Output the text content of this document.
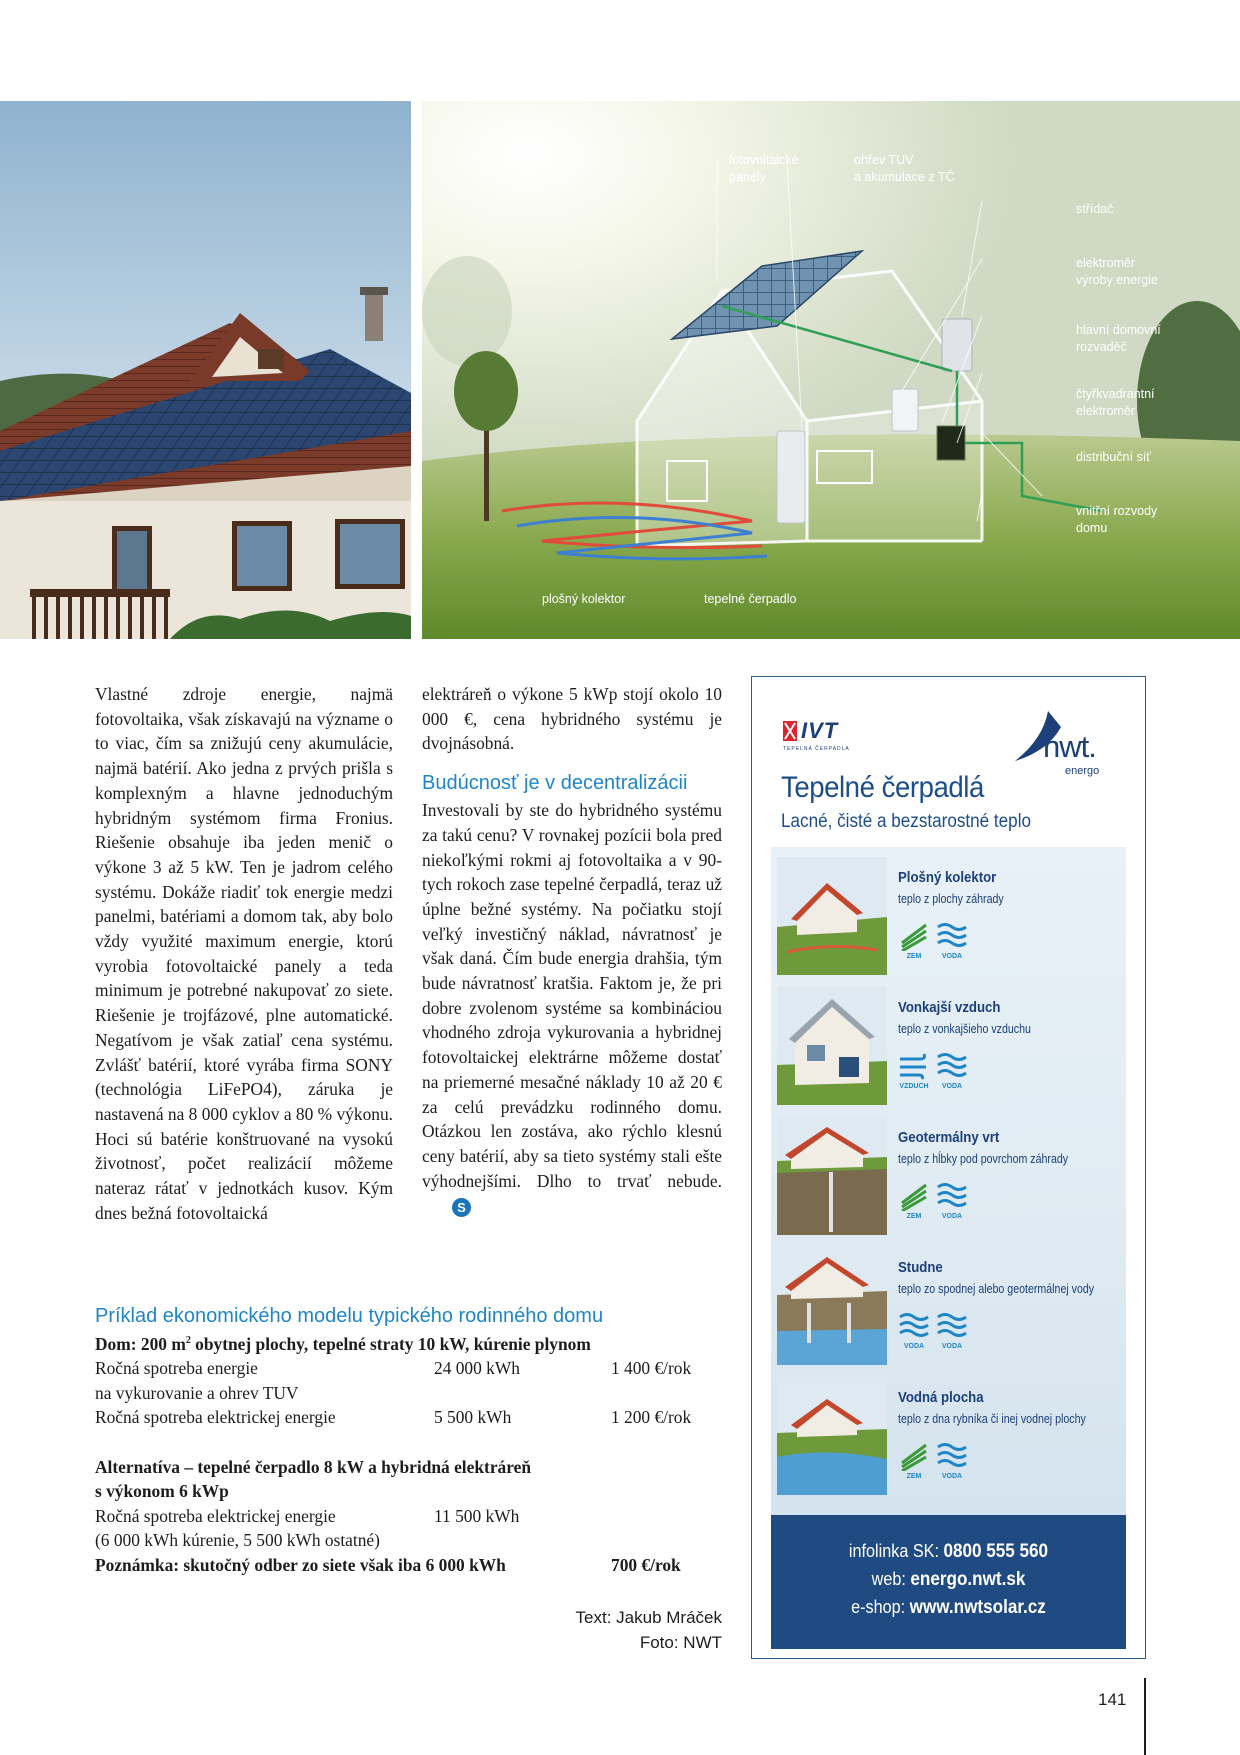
fotovoltaické
panely
ohřev TUV
a akumulace z TČ
střídač
elektroměr
výroby energie
hlavní domovní
rozvaděč
čtyřkvadrantní
elektroměr
distribuční síť
vnitřní rozvody
domu
plošný kolektor	tepelné čerpadlo

Vlastné zdroje energie, najmä fotovoltaika, však získavajú na význame o to viac, čím sa znižujú ceny akumulácie, najmä batérií. Ako jedna z prvých prišla s komplexným a hlavne jednoduchým hybridným systémom firma Fronius. Riešenie obsahuje iba jeden menič o výkone 3 až 5 kW. Ten je jadrom celého systému. Dokáže riadiť tok energie medzi panelmi, batériami a domom tak, aby bolo vždy využité maximum energie, ktorú vyrobia fotovoltaické panely a teda minimum je potrebné nakupovať zo siete. Riešenie je trojfázové, plne automatické. Negatívom je však zatiaľ cena systému. Zvlášť batérií, ktoré vyrába firma SONY (technológia LiFePO4), záruka je nastavená na 8 000 cyklov a 80 % výkonu. Hoci sú batérie konštruované na vysokú životnosť, počet realizácií môžeme nateraz rátať v jednotkách kusov. Kým dnes bežná fotovoltaická

elektráreň o výkone 5 kWp stojí okolo 10 000 €, cena hybridného systému je dvojnásobná.

Budúcnosť je v decentralizácii

Investovali by ste do hybridného systému za takú cenu? V rovnakej pozícii bola pred niekoľkými rokmi aj fotovoltaika a v 90-tych rokoch zase tepelné čerpadlá, teraz už úplne bežné systémy. Na počiatku stojí veľký investičný náklad, návratnosť je však daná. Čím bude energia drahšia, tým bude návratnosť kratšia. Faktom je, že pri dobre zvolenom systéme sa kombináciou vhodného zdroja vykurovania a hybridnej fotovoltaickej elektrárne môžeme dostať na priemerné mesačné náklady 10 až 20 € za celú prevádzku rodinného domu. Otázkou len zostáva, ako rýchlo klesnú ceny batérií, aby sa tieto systémy stali ešte výhodnejšími. Dlho to trvať nebude.S

Príklad ekonomického modelu typického rodinného domu
Dom: 200 $m^2$ obytnej plochy, tepelné straty 10 kW, kúrenie plynom
Ročná spotreba energie	24 000 kWh	1 400 €/rok
na vykurovanie a ohrev TUV
Ročná spotreba elektrickej energie	5 500 kWh	1 200 €/rok
Alternatíva – tepelné čerpadlo 8 kW a hybridná elektráreň
s výkonom 6 kWp
Ročná spotreba elektrickej energie	11 500 kWh
(6 000 kWh kúrenie, 5 500 kWh ostatné)
Poznámka: skutočný odber zo siete však iba 6 000 kWh	700 €/rok
Text: Jakub Mráček
Foto: NWT
IVT
TEPELNÁ ČERPADLA	nwt.
energo
Tepelné čerpadlá
Lacné, čisté a bezstarostné teplo
Plošný kolektor
teplo z plochy záhrady
ZEM	VODA
Vonkajší vzduch
teplo z vonkajšieho vzduchu
VZDUCH	VODA
Geotermálny vrt
teplo z hĺbky pod povrchom záhrady
ZEM	VODA
Studne
teplo zo spodnej alebo geotermálnej vody
VODA	VODA
Vodná plocha
teplo z dna rybníka či inej vodnej plochy
ZEM	VODA
infolinka SK: 0800 555 560
web: energo.nwt.sk
e-shop: www.nwtsolar.cz
141
